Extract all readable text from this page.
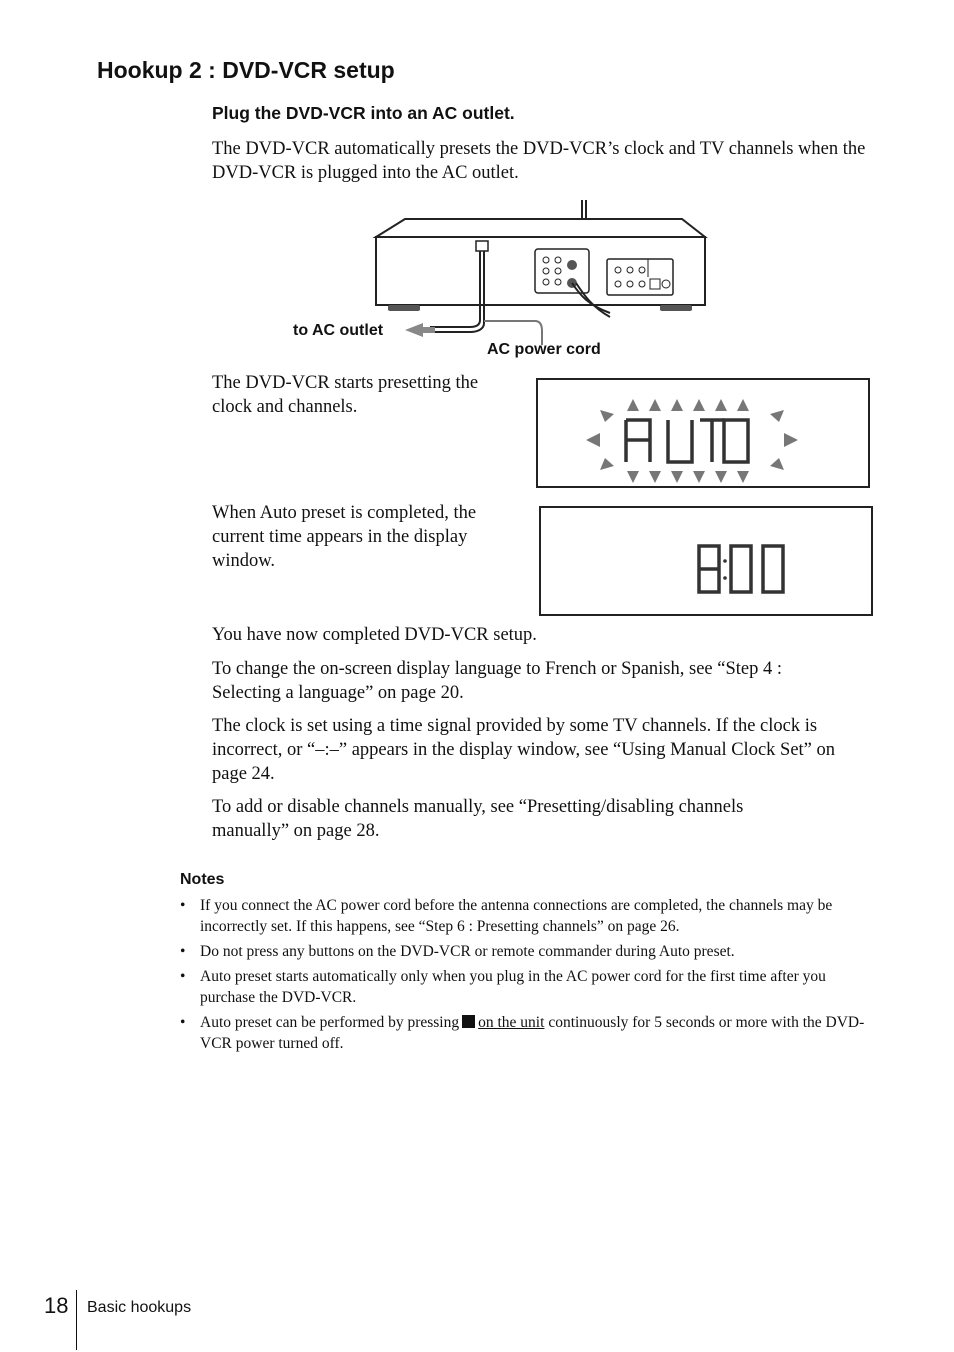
Hookup 2 : DVD-VCR setup
Plug the DVD-VCR into an AC outlet.
The DVD-VCR automatically presets the DVD-VCR’s clock and TV channels when the DVD-VCR is plugged into the AC outlet.
to AC outlet
AC power cord
The DVD-VCR starts presetting the clock and channels.
When Auto preset is completed, the current time appears in the display window.
You have now completed DVD-VCR setup.
To change the on-screen display language to French or Spanish, see “Step 4 : Selecting a language” on page 20.
The clock is set using a time signal provided by some TV channels. If the clock is incorrect, or “–:–” appears in the display window, see “Using Manual Clock Set” on page 24.
To add or disable channels manually, see “Presetting/disabling channels manually” on page 28.
Notes
• If you connect the AC power cord before the antenna connections are completed, the channels may be incorrectly set. If this happens, see “Step 6 : Presetting channels” on page 26.
• Do not press any buttons on the DVD-VCR or remote commander during Auto preset.
• Auto preset starts automatically only when you plug in the AC power cord for the first time after you purchase the DVD-VCR.
• Auto preset can be performed by pressing on the unit continuously for 5 seconds or more with the DVD-VCR power turned off.
18 Basic hookups
